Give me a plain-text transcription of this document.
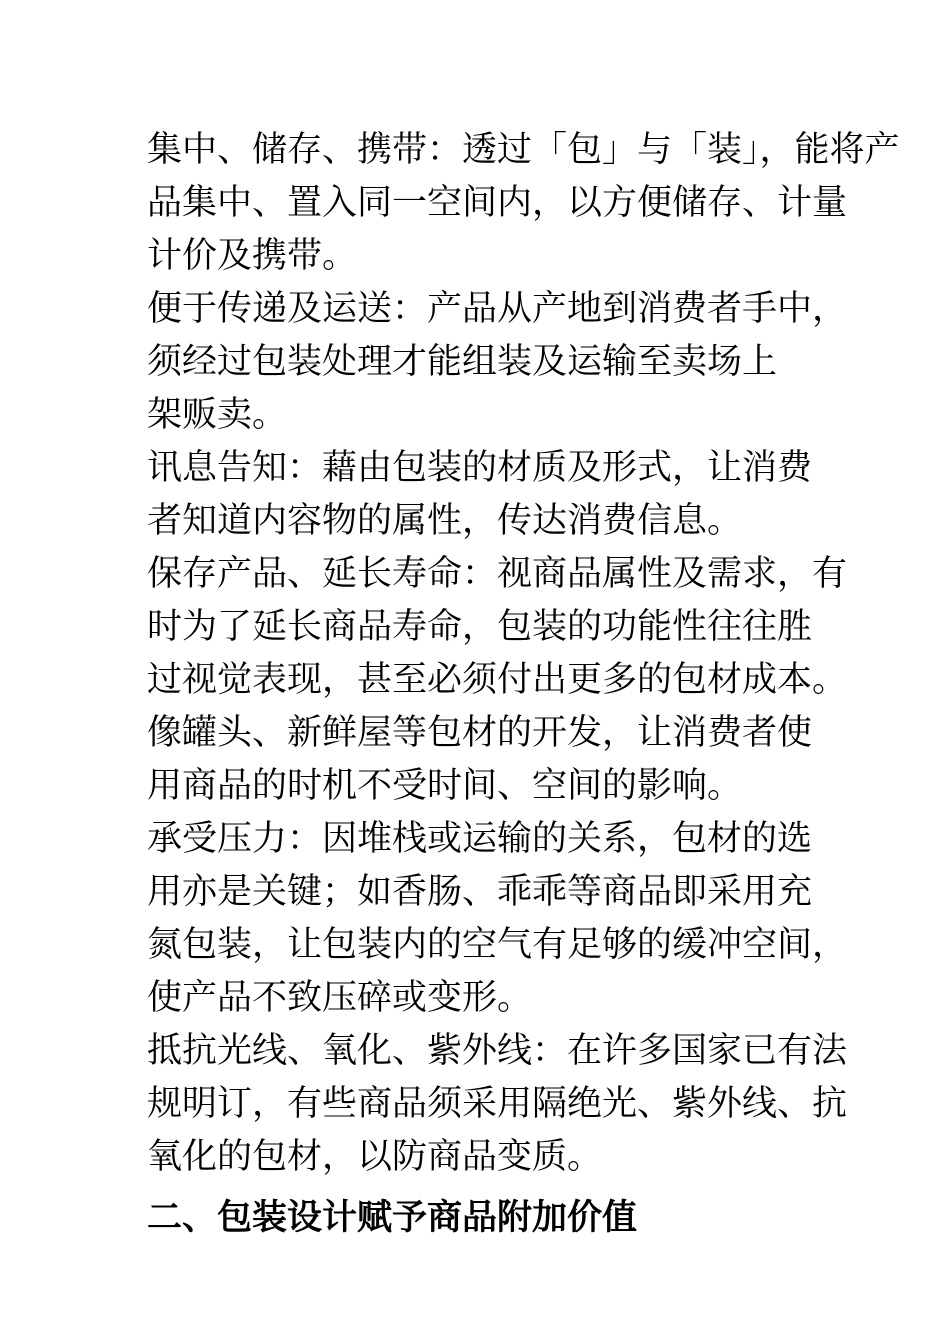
集中、储存、携带：透过「包」与「装」，能将产
品集中、置入同一空间内，以方便储存、计量
计价及携带。
便于传递及运送：产品从产地到消费者手中，
须经过包装处理才能组装及运输至卖场上
架贩卖。
讯息告知：藉由包装的材质及形式，让消费
者知道内容物的属性，传达消费信息。
保存产品、延长寿命：视商品属性及需求，有
时为了延长商品寿命，包装的功能性往往胜
过视觉表现，甚至必须付出更多的包材成本。
像罐头、新鲜屋等包材的开发，让消费者使
用商品的时机不受时间、空间的影响。
承受压力：因堆栈或运输的关系，包材的选
用亦是关键；如香肠、乖乖等商品即采用充
氮包装，让包装内的空气有足够的缓冲空间，
使产品不致压碎或变形。
抵抗光线、氧化、紫外线：在许多国家已有法
规明订，有些商品须采用隔绝光、紫外线、抗
氧化的包材，以防商品变质。
二、包装设计赋予商品附加价值
